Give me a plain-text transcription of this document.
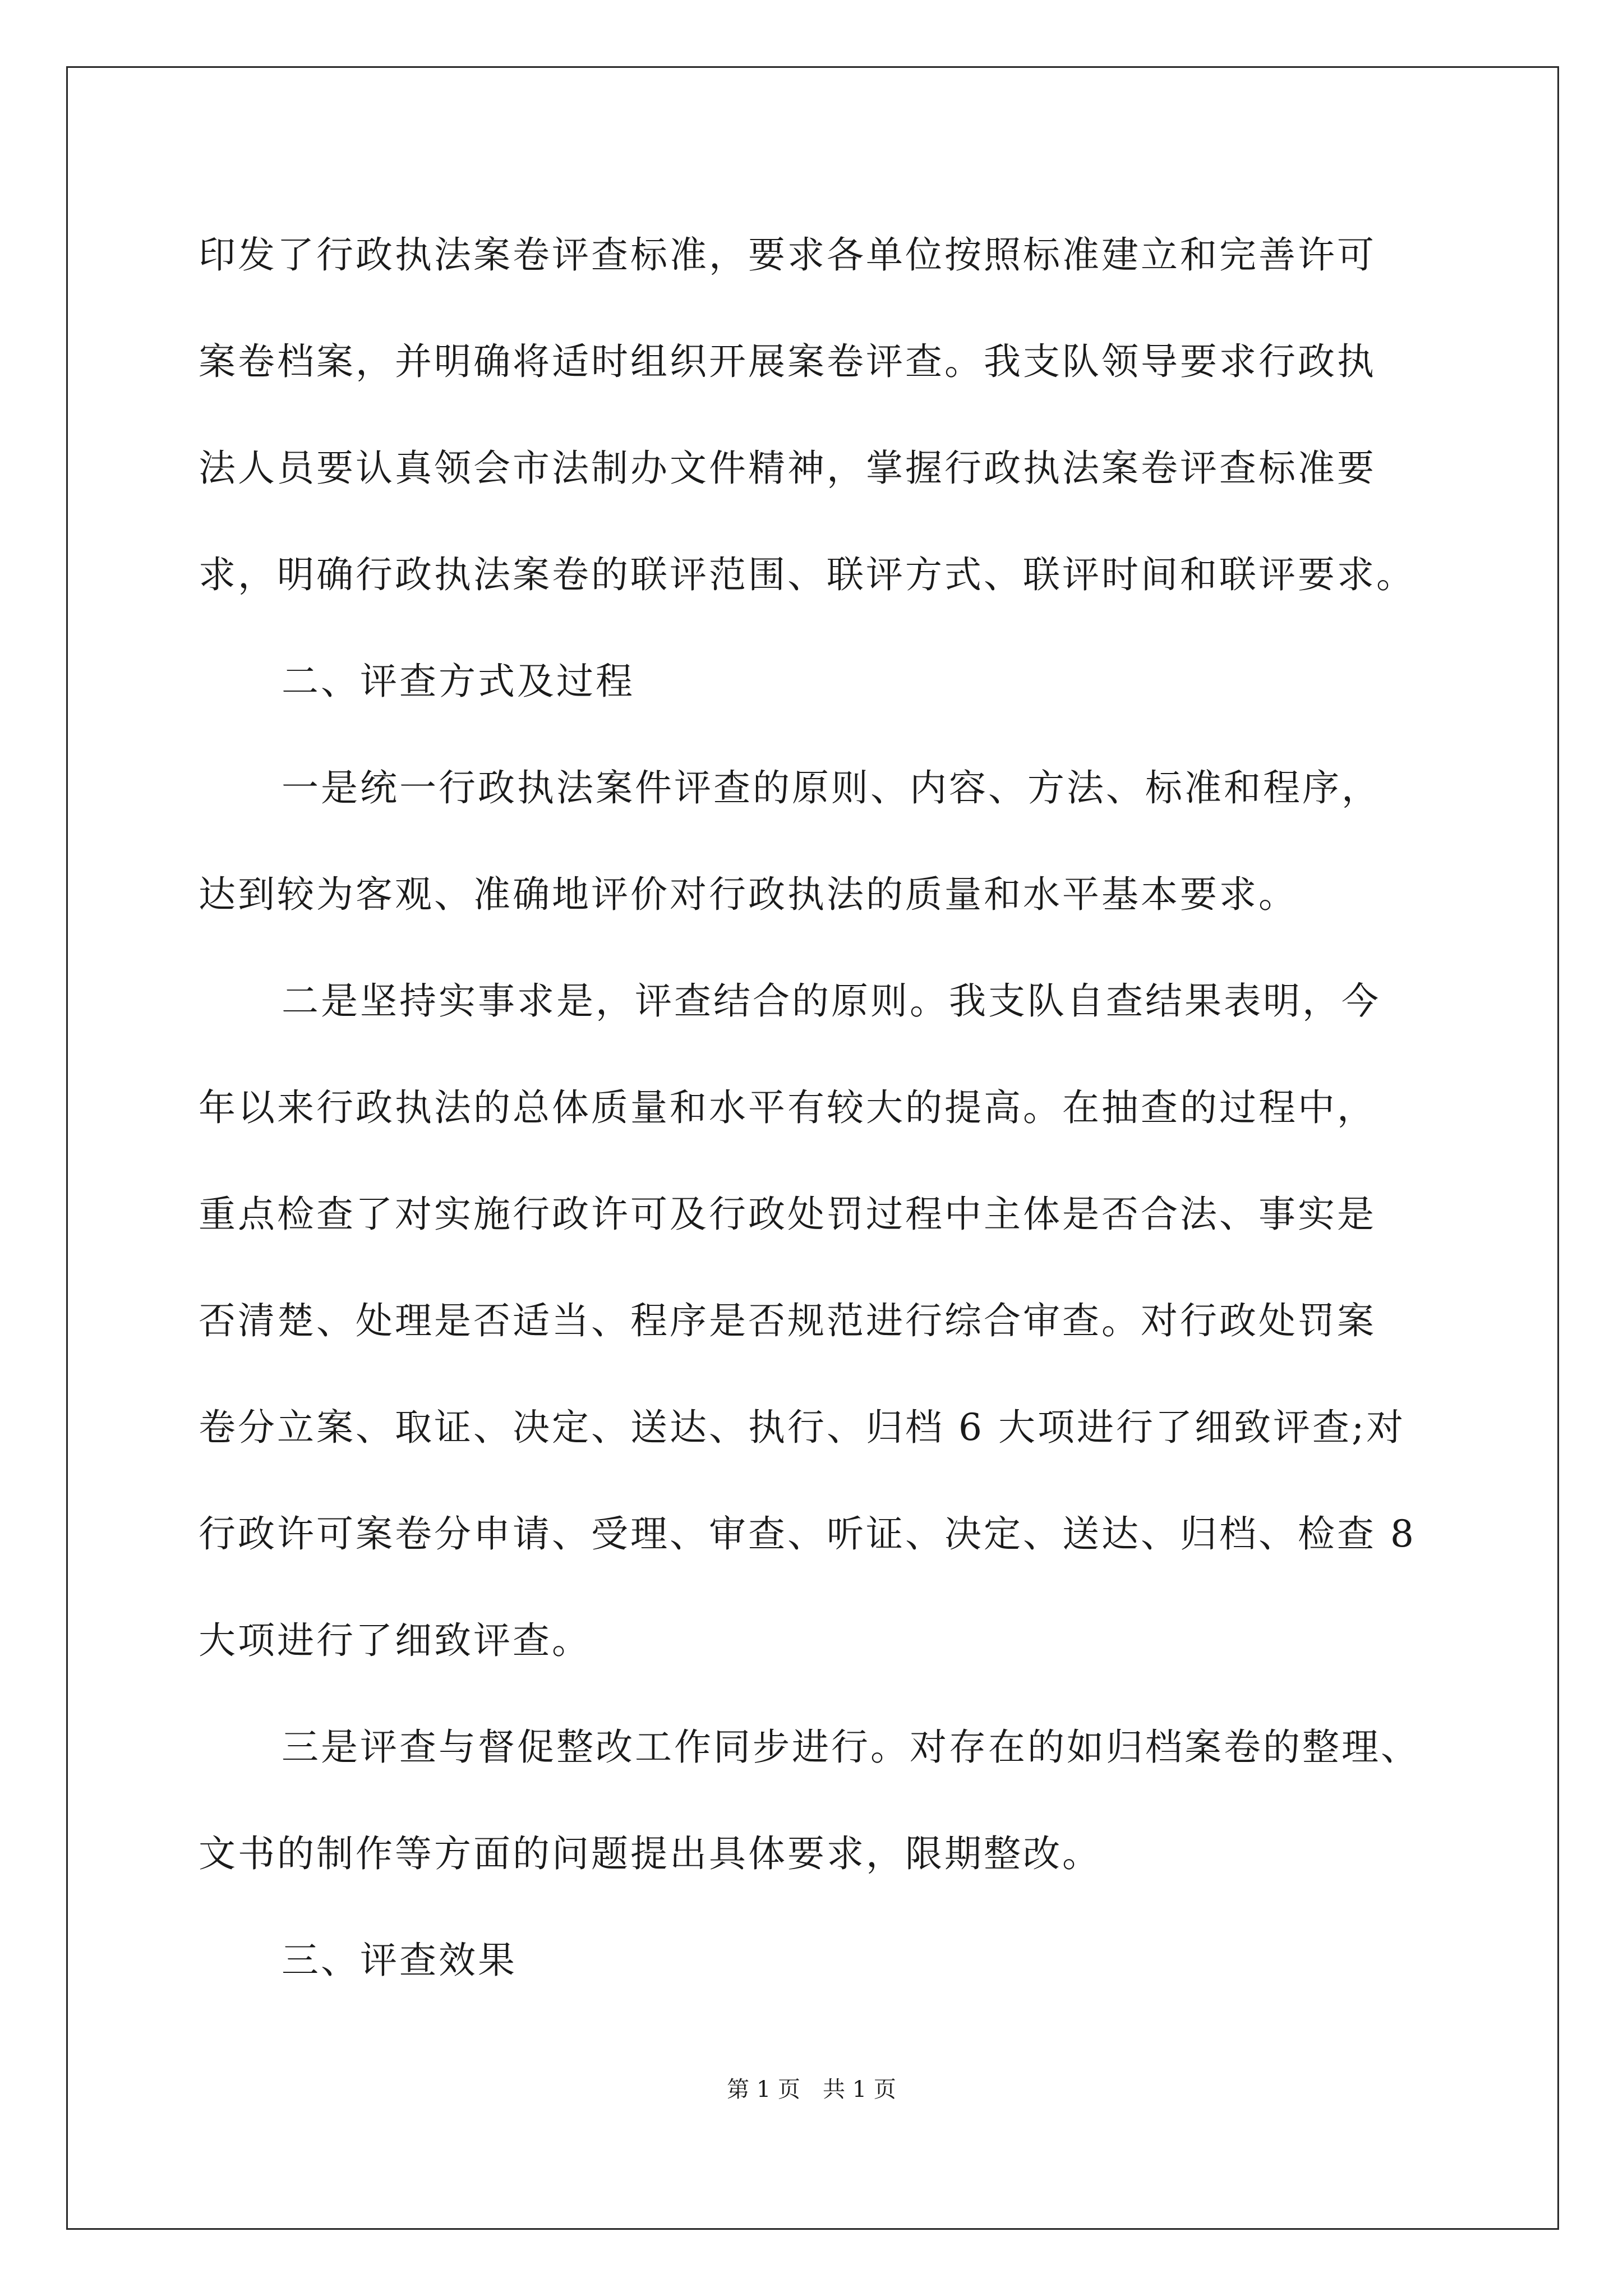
印发了行政执法案卷评查标准，要求各单位按照标准建立和完善许可
案卷档案，并明确将适时组织开展案卷评查。我支队领导要求行政执
法人员要认真领会市法制办文件精神，掌握行政执法案卷评查标准要
求，明确行政执法案卷的联评范围、联评方式、联评时间和联评要求。
二、评查方式及过程
一是统一行政执法案件评查的原则、内容、方法、标准和程序，
达到较为客观、准确地评价对行政执法的质量和水平基本要求。
二是坚持实事求是，评查结合的原则。我支队自查结果表明，今
年以来行政执法的总体质量和水平有较大的提高。在抽查的过程中，
重点检查了对实施行政许可及行政处罚过程中主体是否合法、事实是
否清楚、处理是否适当、程序是否规范进行综合审查。对行政处罚案
卷分立案、取证、决定、送达、执行、归档 6 大项进行了细致评查;对
行政许可案卷分申请、受理、审查、听证、决定、送达、归档、检查 8
大项进行了细致评查。
三是评查与督促整改工作同步进行。对存在的如归档案卷的整理、
文书的制作等方面的问题提出具体要求，限期整改。
三、评查效果
第 1 页　共 1 页
